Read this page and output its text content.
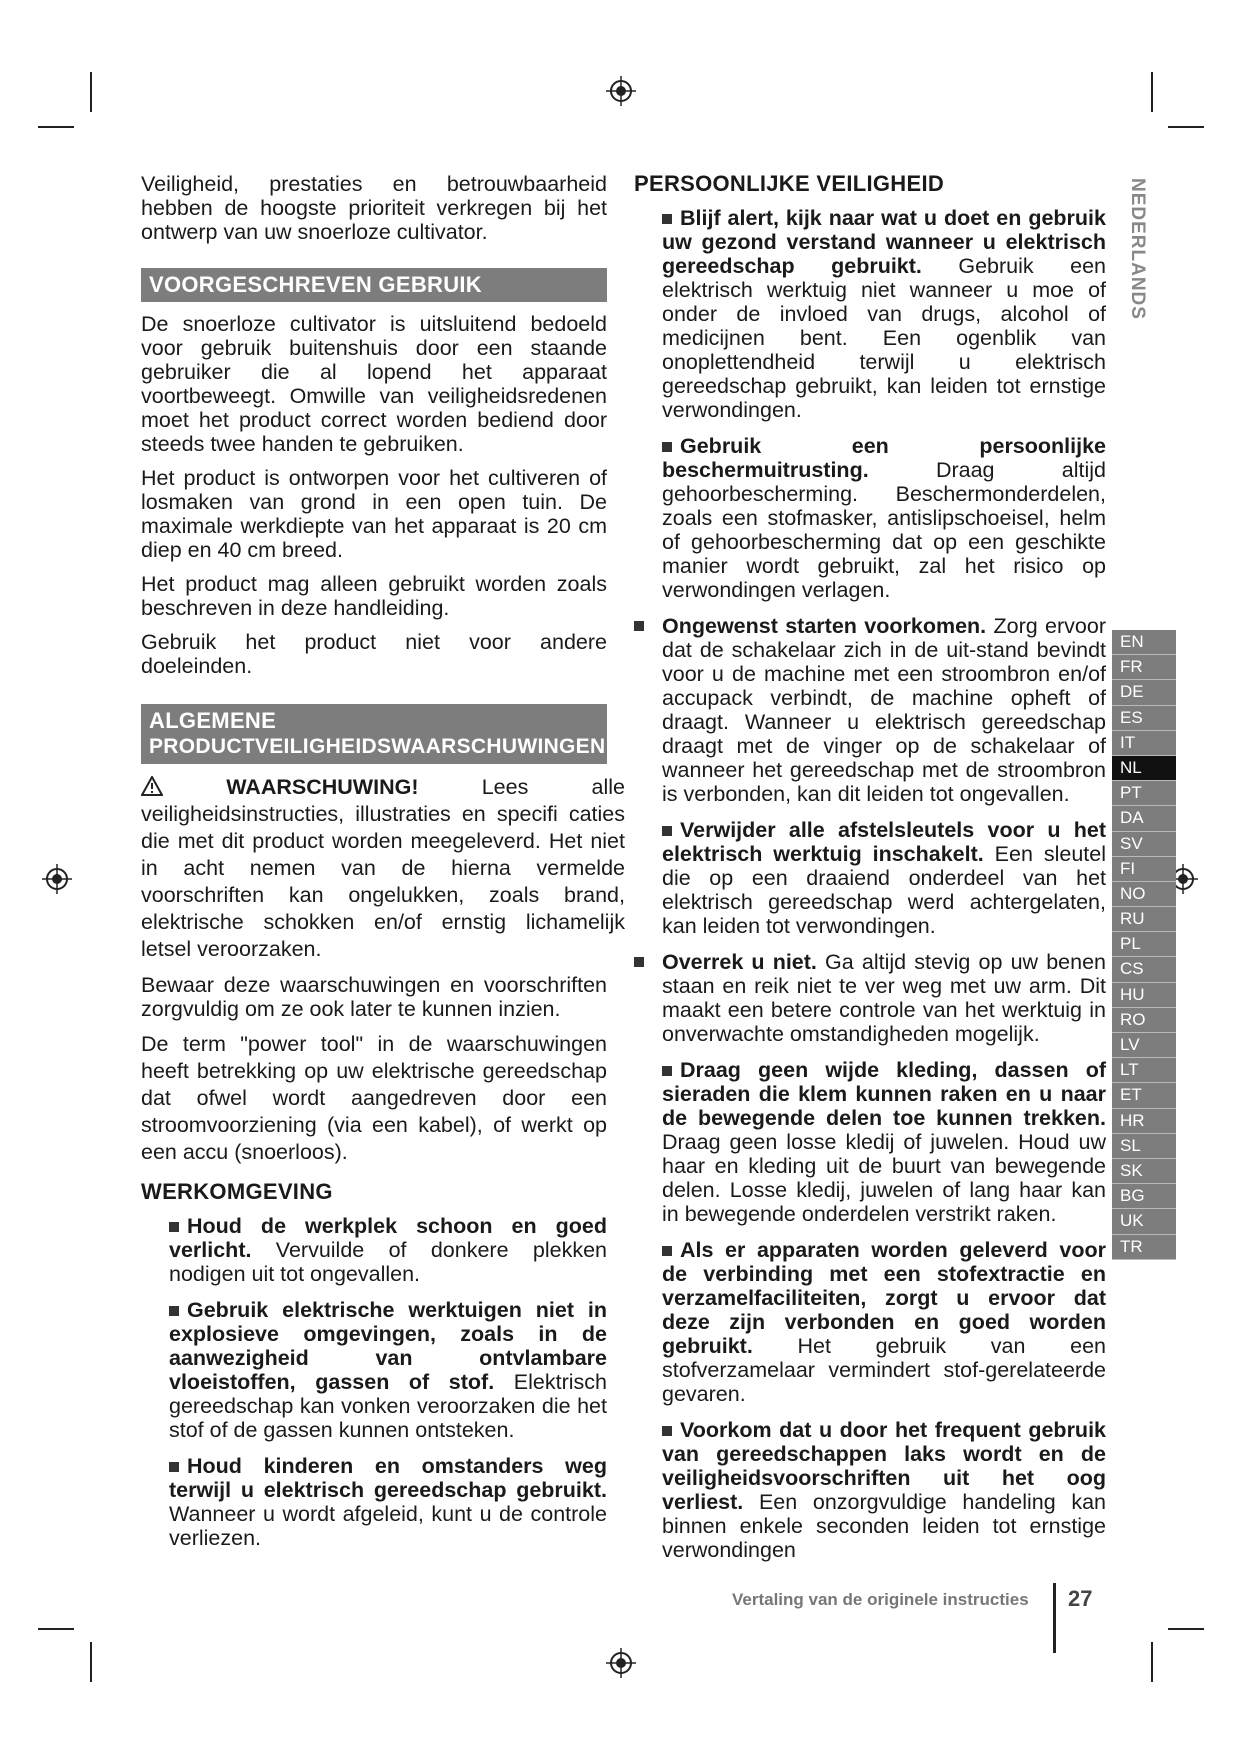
Veiligheid, prestaties en betrouwbaarheid hebben de hoogste prioriteit verkregen bij het ontwerp van uw snoerloze cultivator.

VOORGESCHREVEN GEBRUIK

De snoerloze cultivator is uitsluitend bedoeld voor gebruik buitenshuis door een staande gebruiker die al lopend het apparaat voortbeweegt. Omwille van veiligheidsredenen moet het product correct worden bediend door steeds twee handen te gebruiken.

Het product is ontworpen voor het cultiveren of losmaken van grond in een open tuin. De maximale werkdiepte van het apparaat is 20 cm diep en 40 cm breed.

Het product mag alleen gebruikt worden zoals beschreven in deze handleiding.

Gebruik het product niet voor andere doeleinden.

ALGEMENE
PRODUCTVEILIGHEIDSWAARSCHUWINGEN

WAARSCHUWING! Lees alle veiligheidsinstructies, illustraties en specifi caties die met dit product worden meegeleverd. Het niet in acht nemen van de hierna vermelde voorschriften kan ongelukken, zoals brand, elektrische schokken en/of ernstig lichamelijk letsel veroorzaken.

Bewaar deze waarschuwingen en voorschriften zorgvuldig om ze ook later te kunnen inzien.

De term "power tool" in de waarschuwingen heeft betrekking op uw elektrische gereedschap dat ofwel wordt aangedreven door een stroomvoorziening (via een kabel), of werkt op een accu (snoerloos).

WERKOMGEVING
Houd de werkplek schoon en goed verlicht. Vervuilde of donkere plekken nodigen uit tot ongevallen.
Gebruik elektrische werktuigen niet in explosieve omgevingen, zoals in de aanwezigheid van ontvlambare vloeistoffen, gassen of stof. Elektrisch gereedschap kan vonken veroorzaken die het stof of de gassen kunnen ontsteken.
Houd kinderen en omstanders weg terwijl u elektrisch gereedschap gebruikt. Wanneer u wordt afgeleid, kunt u de controle verliezen.
PERSOONLIJKE VEILIGHEID
Blijf alert, kijk naar wat u doet en gebruik uw gezond verstand wanneer u elektrisch gereedschap gebruikt. Gebruik een elektrisch werktuig niet wanneer u moe of onder de invloed van drugs, alcohol of medicijnen bent. Een ogenblik van onoplettendheid terwijl u elektrisch gereedschap gebruikt, kan leiden tot ernstige verwondingen.
Gebruik een persoonlijke beschermuitrusting. Draag altijd gehoorbescherming. Beschermonderdelen, zoals een stofmasker, antislipschoeisel, helm of gehoorbescherming dat op een geschikte manier wordt gebruikt, zal het risico op verwondingen verlagen.
Ongewenst starten voorkomen. Zorg ervoor dat de schakelaar zich in de uit-stand bevindt voor u de machine met een stroombron en/of accupack verbindt, de machine opheft of draagt. Wanneer u elektrisch gereedschap draagt met de vinger op de schakelaar of wanneer het gereedschap met de stroombron is verbonden, kan dit leiden tot ongevallen.
Verwijder alle afstelsleutels voor u het elektrisch werktuig inschakelt. Een sleutel die op een draaiend onderdeel van het elektrisch gereedschap werd achtergelaten, kan leiden tot verwondingen.
Overrek u niet. Ga altijd stevig op uw benen staan en reik niet te ver weg met uw arm. Dit maakt een betere controle van het werktuig in onverwachte omstandigheden mogelijk.
Draag geen wijde kleding, dassen of sieraden die klem kunnen raken en u naar de bewegende delen toe kunnen trekken. Draag geen losse kledij of juwelen. Houd uw haar en kleding uit de buurt van bewegende delen. Losse kledij, juwelen of lang haar kan in bewegende onderdelen verstrikt raken.
Als er apparaten worden geleverd voor de verbinding met een stofextractie en verzamelfaciliteiten, zorgt u ervoor dat deze zijn verbonden en goed worden gebruikt. Het gebruik van een stofverzamelaar vermindert stof-gerelateerde gevaren.
Voorkom dat u door het frequent gebruik van gereedschappen laks wordt en de veiligheidsvoorschriften uit het oog verliest. Een onzorgvuldige handeling kan binnen enkele seconden leiden tot ernstige verwondingen
NEDERLANDS
EN
FR
DE
ES
IT
NL
PT
DA
SV
FI
NO
RU
PL
CS
HU
RO
LV
LT
ET
HR
SL
SK
BG
UK
TR
Vertaling van de originele instructies 27
